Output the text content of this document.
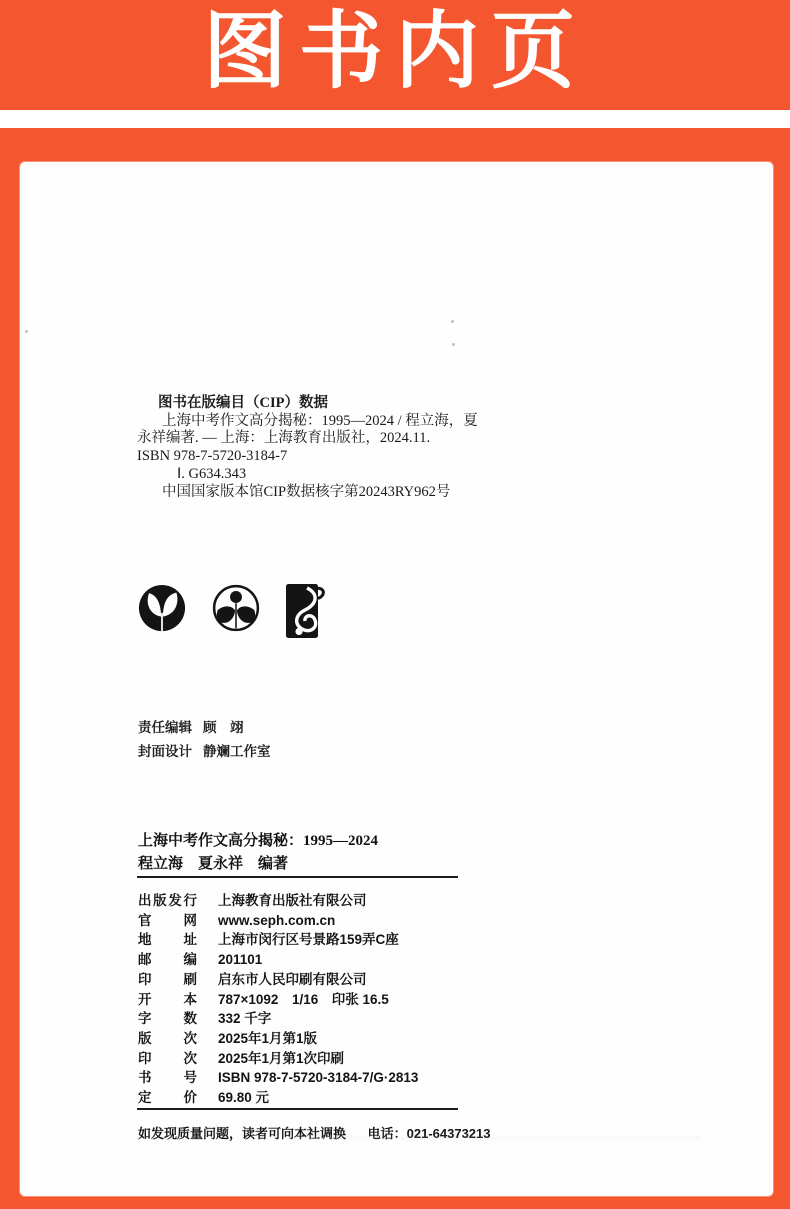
图书内页

图书在版编目（CIP）数据

上海中考作文高分揭秘：1995—2024 / 程立海，夏

永祥编著. — 上海：上海教育出版社，2024.11.

ISBN 978-7-5720-3184-7

Ⅰ. G634.343

中国国家版本馆CIP数据核字第20243RY962号

责任编辑 顾　翊
封面设计 静斓工作室

上海中考作文高分揭秘：1995—2024

程立海　夏永祥　编著

出版发行 上海教育出版社有限公司
官网 www.seph.com.cn
地址 上海市闵行区号景路159弄C座
邮编 201101
印刷 启东市人民印刷有限公司
开本 787×1092　1/16　印张 16.5
字数 332 千字
版次 2025年1月第1版
印次 2025年1月第1次印刷
书号 ISBN 978-7-5720-3184-7/G·2813
定价 69.80 元

如发现质量问题，读者可向本社调换 电话：021-64373213
